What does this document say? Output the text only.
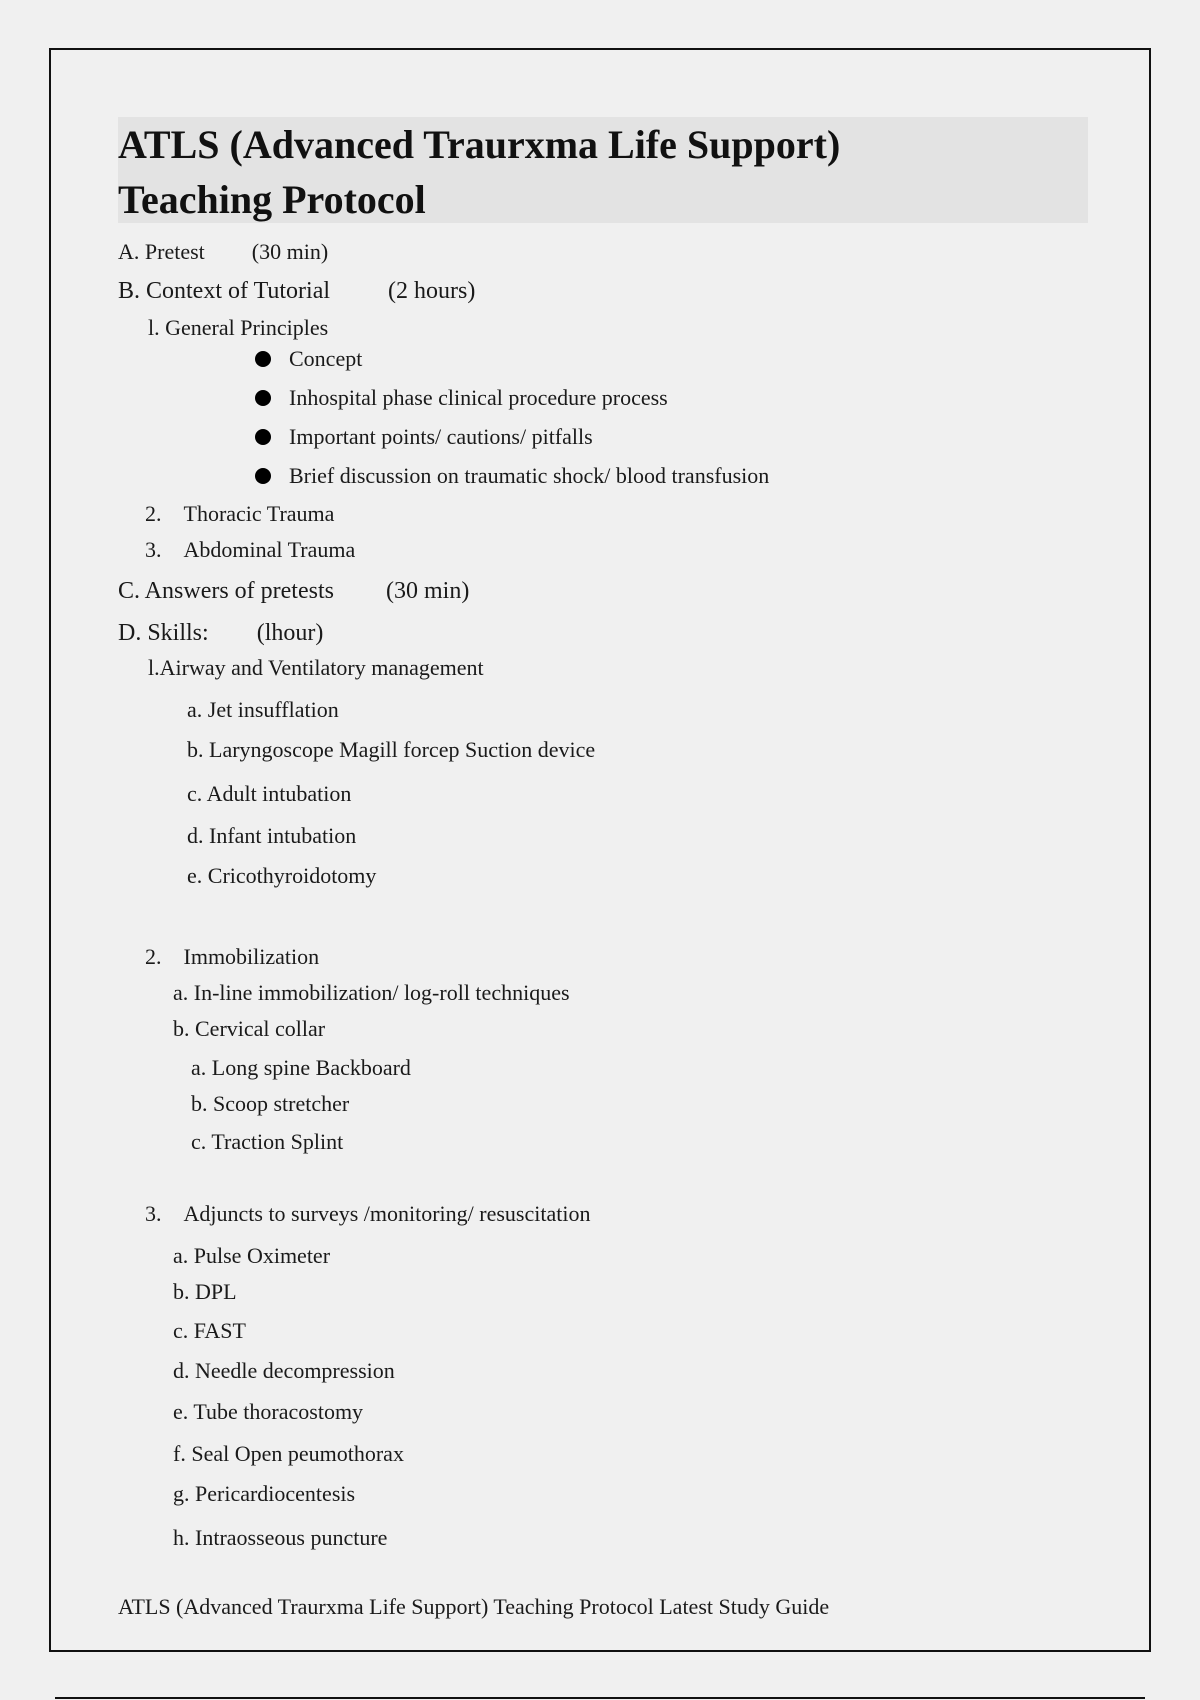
ATLS (Advanced Traurxma Life Support)
Teaching Protocol
A. Pretest (30 min)
B. Context of Tutorial (2 hours)
l. General Principles
Concept
Inhospital phase clinical procedure process
Important points/ cautions/ pitfalls
Brief discussion on traumatic shock/ blood transfusion
2. Thoracic Trauma
3. Abdominal Trauma
C. Answers of pretests (30 min)
D. Skills: (lhour)
l.Airway and Ventilatory management
a. Jet insufflation
b. Laryngoscope Magill forcep Suction device
c. Adult intubation
d. Infant intubation
e. Cricothyroidotomy
2. Immobilization
a. In-line immobilization/ log-roll techniques
b. Cervical collar
a. Long spine Backboard
b. Scoop stretcher
c. Traction Splint
3. Adjuncts to surveys /monitoring/ resuscitation
a. Pulse Oximeter
b. DPL
c. FAST
d. Needle decompression
e. Tube thoracostomy
f. Seal Open peumothorax
g. Pericardiocentesis
h. Intraosseous puncture
ATLS (Advanced Traurxma Life Support) Teaching Protocol Latest Study Guide
